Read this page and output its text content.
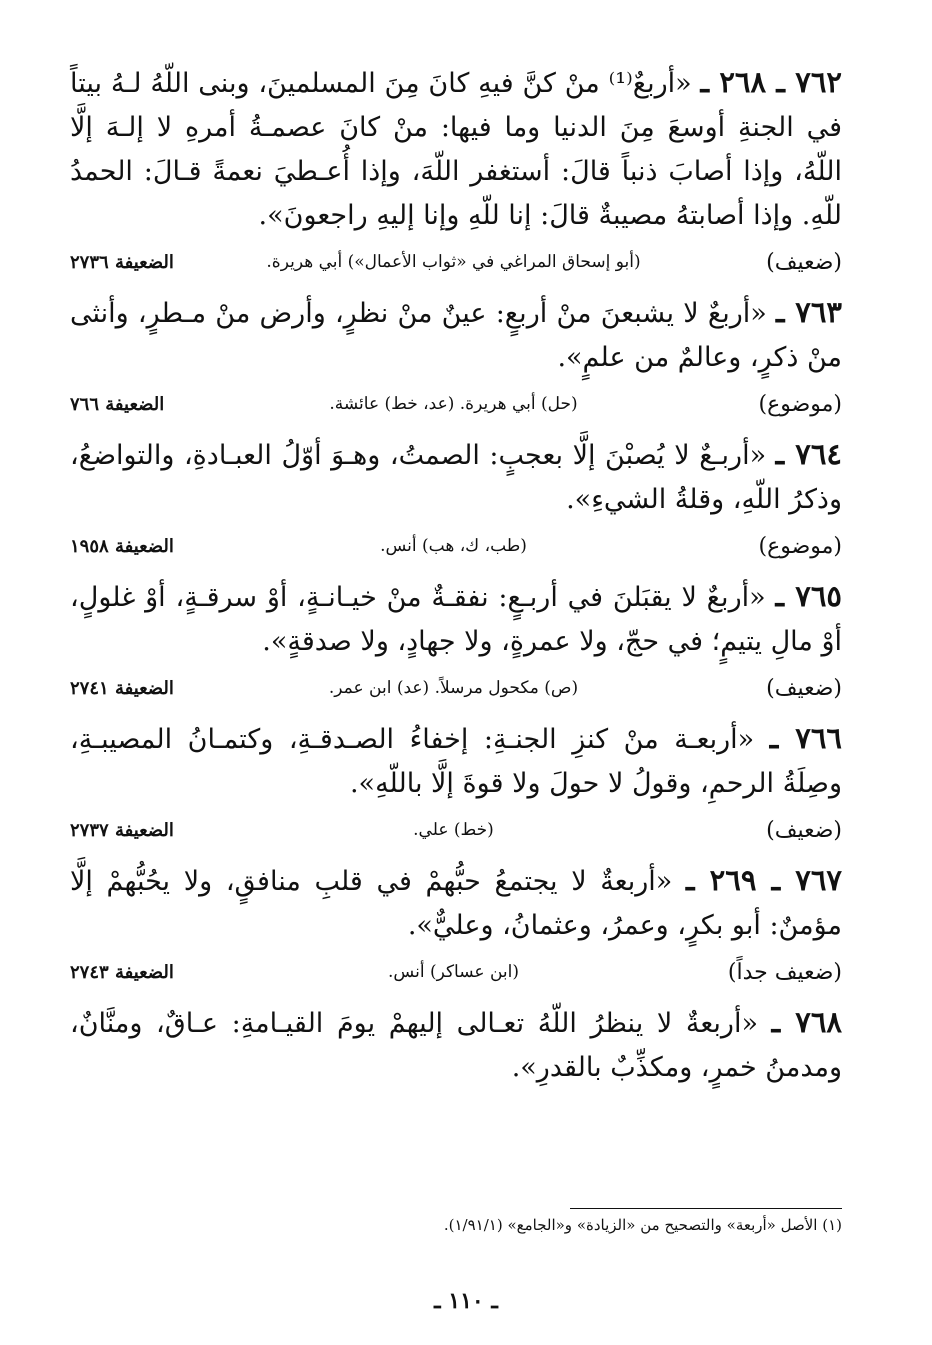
٧٦٢ ـ ٢٦٨ ـ «أربعٌ⁽¹⁾ منْ كنَّ فيهِ كانَ مِنَ المسلمينَ، وبنى اللّهُ لـهُ بيتاً في الجنةِ أوسعَ مِنَ الدنيا وما فيها: منْ كانَ عصمـةُ أمرهِ لا إلـهَ إلَّا اللّهُ، وإذا أصابَ ذنباً قالَ: أستغفر اللّهَ، وإذا أُعـطيَ نعمةً قـالَ: الحمدُ للّهِ. وإذا أصابتهُ مصيبةٌ قالَ: إنا للّهِ وإنا إليهِ راجعونَ».
(ضعيف)
(أبو إسحاق المراغي في «ثواب الأعمال») أبي هريرة.
الضعيفة ٢٧٣٦
٧٦٣ ـ «أربعٌ لا يشبعنَ منْ أربعٍ: عينٌ منْ نظرٍ، وأرض منْ مـطرٍ، وأنثى منْ ذكرٍ، وعالمٌ من علمٍ».
(موضوع)
(حل) أبي هريرة. (عد، خط) عائشة.
الضعيفة ٧٦٦
٧٦٤ ـ «أربـعٌ لا يُصبْنَ إلَّا بعجبٍ: الصمتُ، وهـوَ أوّلُ العبـادةِ، والتواضعُ، وذكرُ اللّهِ، وقلةُ الشيءِ».
(موضوع)
(طب، ك، هب) أنس.
الضعيفة ١٩٥٨
٧٦٥ ـ «أربعٌ لا يقبَلنَ في أربـعٍ: نفقـةٌ منْ خيـانـةٍ، أوْ سرقـةٍ، أوْ غلولٍ، أوْ مالِ يتيمٍ؛ في حجّ، ولا عمرةٍ، ولا جهادٍ، ولا صدقةٍ».
(ضعيف)
(ص) مكحول مرسلاً. (عد) ابن عمر.
الضعيفة ٢٧٤١
٧٦٦ ـ «أربعـة منْ كنزِ الجنـةِ: إخفاءُ الصـدقـةِ، وكتمـانُ المصيبـةِ، وصِلَةُ الرحمِ، وقولُ لا حولَ ولا قوةَ إلَّا باللّهِ».
(ضعيف)
(خط) علي.
الضعيفة ٢٧٣٧
٧٦٧ ـ ٢٦٩ ـ «أربعةٌ لا يجتمعُ حبُّهمْ في قلبِ منافقٍ، ولا يحُبُّهمْ إلَّا مؤمنٌ: أبو بكرٍ، وعمرُ، وعثمانُ، وعليٌّ».
(ضعيف جداً)
(ابن عساكر) أنس.
الضعيفة ٢٧٤٣
٧٦٨ ـ «أربعةٌ لا ينظرُ اللّهُ تعـالى إليهمْ يومَ القيـامةِ: عـاقٌ، ومنَّانٌ، ومدمنُ خمرٍ، ومكذِّبٌ بالقدرِ».
(١) الأصل «أربعة» والتصحيح من «الزيادة» و«الجامع» (١/٩١/١).
ـ ١١٠ ـ
